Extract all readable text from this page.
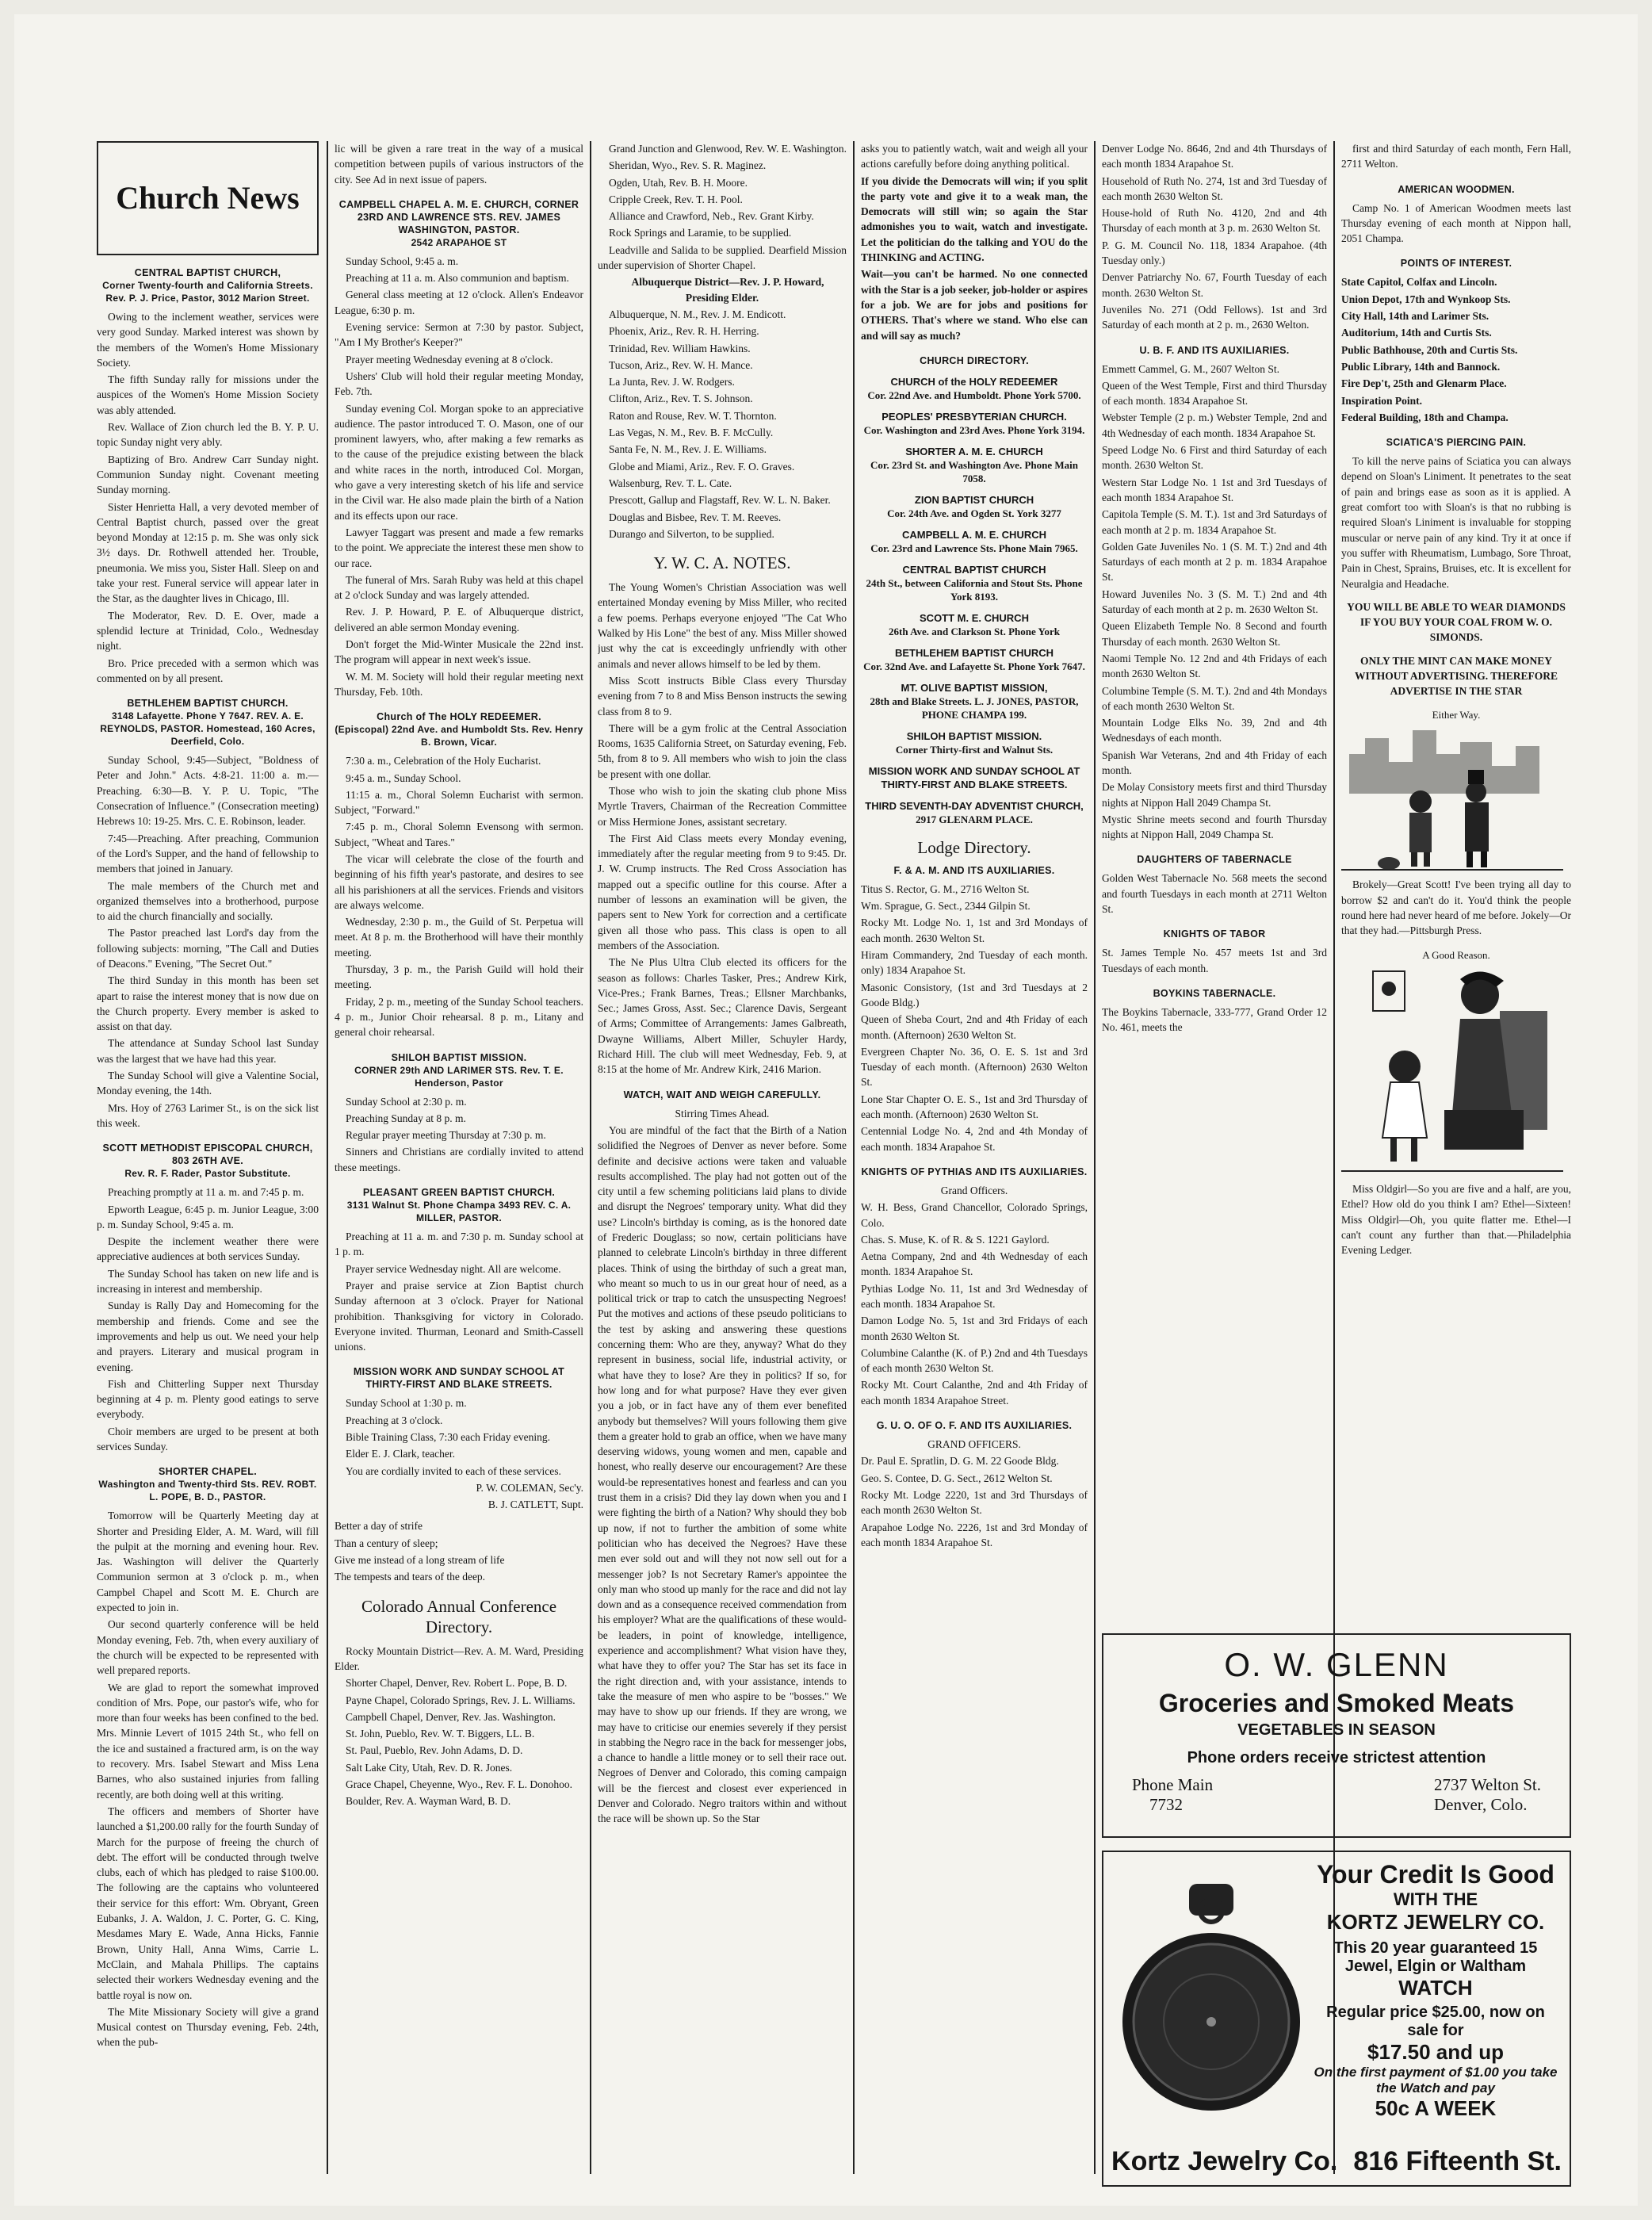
Church News
CENTRAL BAPTIST CHURCH,
Corner Twenty-fourth and California Streets. Rev. P. J. Price, Pastor, 3012 Marion Street.

Owing to the inclement weather, services were very good Sunday. Marked interest was shown by the members of the Women's Home Missionary Society.

The fifth Sunday rally for missions under the auspices of the Women's Home Mission Society was ably attended.

Rev. Wallace of Zion church led the B. Y. P. U. topic Sunday night very ably.

Baptizing of Bro. Andrew Carr Sunday night. Communion Sunday night. Covenant meeting Sunday morning.

Sister Henrietta Hall, a very devoted member of Central Baptist church, passed over the great beyond Monday at 12:15 p. m. She was only sick 3½ days. Dr. Rothwell attended her. Trouble, pneumonia. We miss you, Sister Hall. Sleep on and take your rest. Funeral service will appear later in the Star, as the daughter lives in Chicago, Ill.

The Moderator, Rev. D. E. Over, made a splendid lecture at Trinidad, Colo., Wednesday night.

Bro. Price preceded with a sermon which was commented on by all present.

BETHLEHEM BAPTIST CHURCH.
3148 Lafayette. Phone Y 7647. REV. A. E. REYNOLDS, PASTOR. Homestead, 160 Acres, Deerfield, Colo.

Sunday School, 9:45—Subject, "Boldness of Peter and John." Acts. 4:8-21. 11:00 a. m.—Preaching. 6:30—B. Y. P. U. Topic, "The Consecration of Influence." (Consecration meeting) Hebrews 10: 19-25. Mrs. C. E. Robinson, leader.

7:45—Preaching. After preaching, Communion of the Lord's Supper, and the hand of fellowship to members that joined in January.

The male members of the Church met and organized themselves into a brotherhood, purpose to aid the church financially and socially.

The Pastor preached last Lord's day from the following subjects: morning, "The Call and Duties of Deacons." Evening, "The Secret Out."

The third Sunday in this month has been set apart to raise the interest money that is now due on the Church property. Every member is asked to assist on that day.

The attendance at Sunday School last Sunday was the largest that we have had this year.

The Sunday School will give a Valentine Social, Monday evening, the 14th.

Mrs. Hoy of 2763 Larimer St., is on the sick list this week.

SCOTT METHODIST EPISCOPAL CHURCH, 803 26TH AVE.
Rev. R. F. Rader, Pastor Substitute.

Preaching promptly at 11 a. m. and 7:45 p. m.

Epworth League, 6:45 p. m. Junior League, 3:00 p. m. Sunday School, 9:45 a. m.

Despite the inclement weather there were appreciative audiences at both services Sunday.

The Sunday School has taken on new life and is increasing in interest and membership.

Sunday is Rally Day and Homecoming for the membership and friends. Come and see the improvements and help us out. We need your help and prayers. Literary and musical program in evening.

Fish and Chitterling Supper next Thursday beginning at 4 p. m. Plenty good eatings to serve everybody.

Choir members are urged to be present at both services Sunday.

SHORTER CHAPEL.
Washington and Twenty-third Sts. REV. ROBT. L. POPE, B. D., PASTOR.

Tomorrow will be Quarterly Meeting day at Shorter and Presiding Elder, A. M. Ward, will fill the pulpit at the morning and evening hour. Rev. Jas. Washington will deliver the Quarterly Communion sermon at 3 o'clock p. m., when Campbel Chapel and Scott M. E. Church are expected to join in.

Our second quarterly conference will be held Monday evening, Feb. 7th, when every auxiliary of the church will be expected to be represented with well prepared reports.

We are glad to report the somewhat improved condition of Mrs. Pope, our pastor's wife, who for more than four weeks has been confined to the bed. Mrs. Minnie Levert of 1015 24th St., who fell on the ice and sustained a fractured arm, is on the way to recovery. Mrs. Isabel Stewart and Miss Lena Barnes, who also sustained injuries from falling recently, are both doing well at this writing.

The officers and members of Shorter have launched a $1,200.00 rally for the fourth Sunday of March for the purpose of freeing the church of debt. The effort will be conducted through twelve clubs, each of which has pledged to raise $100.00. The following are the captains who volunteered their service for this effort: Wm. Obryant, Green Eubanks, J. A. Waldon, J. C. Porter, G. C. King, Mesdames Mary E. Wade, Anna Hicks, Fannie Brown, Unity Hall, Anna Wims, Carrie L. McClain, and Mahala Phillips. The captains selected their workers Wednesday evening and the battle royal is now on.

The Mite Missionary Society will give a grand Musical contest on Thursday evening, Feb. 24th, when the pub-

lic will be given a rare treat in the way of a musical competition between pupils of various instructors of the city. See Ad in next issue of papers.

CAMPBELL CHAPEL A. M. E. CHURCH, CORNER 23RD AND LAWRENCE STS. REV. JAMES WASHINGTON, PASTOR.
2542 ARAPAHOE ST

Sunday School, 9:45 a. m.

Preaching at 11 a. m. Also communion and baptism.

General class meeting at 12 o'clock. Allen's Endeavor League, 6:30 p. m.

Evening service: Sermon at 7:30 by pastor. Subject, "Am I My Brother's Keeper?"

Prayer meeting Wednesday evening at 8 o'clock.

Ushers' Club will hold their regular meeting Monday, Feb. 7th.

Sunday evening Col. Morgan spoke to an appreciative audience. The pastor introduced T. O. Mason, one of our prominent lawyers, who, after making a few remarks as to the cause of the prejudice existing between the black and white races in the north, introduced Col. Morgan, who gave a very interesting sketch of his life and service in the Civil war. He also made plain the birth of a Nation and its effects upon our race.

Lawyer Taggart was present and made a few remarks to the point. We appreciate the interest these men show to our race.

The funeral of Mrs. Sarah Ruby was held at this chapel at 2 o'clock Sunday and was largely attended.

Rev. J. P. Howard, P. E. of Albuquerque district, delivered an able sermon Monday evening.

Don't forget the Mid-Winter Musicale the 22nd inst. The program will appear in next week's issue.

W. M. M. Society will hold their regular meeting next Thursday, Feb. 10th.

Church of The HOLY REDEEMER.
(Episcopal) 22nd Ave. and Humboldt Sts. Rev. Henry B. Brown, Vicar.

7:30 a. m., Celebration of the Holy Eucharist.

9:45 a. m., Sunday School.

11:15 a. m., Choral Solemn Eucharist with sermon. Subject, "Forward."

7:45 p. m., Choral Solemn Evensong with sermon. Subject, "Wheat and Tares."

The vicar will celebrate the close of the fourth and beginning of his fifth year's pastorate, and desires to see all his parishioners at all the services. Friends and visitors are always welcome.

Wednesday, 2:30 p. m., the Guild of St. Perpetua will meet. At 8 p. m. the Brotherhood will have their monthly meeting.

Thursday, 3 p. m., the Parish Guild will hold their meeting.

Friday, 2 p. m., meeting of the Sunday School teachers. 4 p. m., Junior Choir rehearsal. 8 p. m., Litany and general choir rehearsal.

SHILOH BAPTIST MISSION.
CORNER 29th AND LARIMER STS. Rev. T. E. Henderson, Pastor

Sunday School at 2:30 p. m.

Preaching Sunday at 8 p. m.

Regular prayer meeting Thursday at 7:30 p. m.

Sinners and Christians are cordially invited to attend these meetings.

PLEASANT GREEN BAPTIST CHURCH.
3131 Walnut St. Phone Champa 3493 REV. C. A. MILLER, PASTOR.

Preaching at 11 a. m. and 7:30 p. m. Sunday school at 1 p. m.

Prayer service Wednesday night. All are welcome.

Prayer and praise service at Zion Baptist church Sunday afternoon at 3 o'clock. Prayer for National prohibition. Thanksgiving for victory in Colorado. Everyone invited. Thurman, Leonard and Smith-Cassell unions.

MISSION WORK AND SUNDAY SCHOOL AT THIRTY-FIRST AND BLAKE STREETS.

Sunday School at 1:30 p. m.

Preaching at 3 o'clock.

Bible Training Class, 7:30 each Friday evening.

Elder E. J. Clark, teacher.

You are cordially invited to each of these services.

P. W. COLEMAN, Sec'y.

B. J. CATLETT, Supt.

Better a day of strife

Than a century of sleep;

Give me instead of a long stream of life

The tempests and tears of the deep.

Colorado Annual Conference Directory.

Rocky Mountain District—Rev. A. M. Ward, Presiding Elder.

Shorter Chapel, Denver, Rev. Robert L. Pope, B. D.

Payne Chapel, Colorado Springs, Rev. J. L. Williams.

Campbell Chapel, Denver, Rev. Jas. Washington.

St. John, Pueblo, Rev. W. T. Biggers, LL. B.

St. Paul, Pueblo, Rev. John Adams, D. D.

Salt Lake City, Utah, Rev. D. R. Jones.

Grace Chapel, Cheyenne, Wyo., Rev. F. L. Donohoo.

Boulder, Rev. A. Wayman Ward, B. D.

Grand Junction and Glenwood, Rev. W. E. Washington.

Sheridan, Wyo., Rev. S. R. Maginez.

Ogden, Utah, Rev. B. H. Moore.

Cripple Creek, Rev. T. H. Pool.

Alliance and Crawford, Neb., Rev. Grant Kirby.

Rock Springs and Laramie, to be supplied.

Leadville and Salida to be supplied. Dearfield Mission under supervision of Shorter Chapel.

Albuquerque District—Rev. J. P. Howard, Presiding Elder.

Albuquerque, N. M., Rev. J. M. Endicott.

Phoenix, Ariz., Rev. R. H. Herring.

Trinidad, Rev. William Hawkins.

Tucson, Ariz., Rev. W. H. Mance.

La Junta, Rev. J. W. Rodgers.

Clifton, Ariz., Rev. T. S. Johnson.

Raton and Rouse, Rev. W. T. Thornton.

Las Vegas, N. M., Rev. B. F. McCully.

Santa Fe, N. M., Rev. J. E. Williams.

Globe and Miami, Ariz., Rev. F. O. Graves.

Walsenburg, Rev. T. L. Cate.

Prescott, Gallup and Flagstaff, Rev. W. L. N. Baker.

Douglas and Bisbee, Rev. T. M. Reeves.

Durango and Silverton, to be supplied.

Y. W. C. A. NOTES.

The Young Women's Christian Association was well entertained Monday evening by Miss Miller, who recited a few poems. Perhaps everyone enjoyed "The Cat Who Walked by His Lone" the best of any. Miss Miller showed just why the cat is exceedingly unfriendly with other animals and never allows himself to be led by them.

Miss Scott instructs Bible Class every Thursday evening from 7 to 8 and Miss Benson instructs the sewing class from 8 to 9.

There will be a gym frolic at the Central Association Rooms, 1635 California Street, on Saturday evening, Feb. 5th, from 8 to 9. All members who wish to join the class be present with one dollar.

Those who wish to join the skating club phone Miss Myrtle Travers, Chairman of the Recreation Committee or Miss Hermione Jones, assistant secretary.

The First Aid Class meets every Monday evening, immediately after the regular meeting from 9 to 9:45. Dr. J. W. Crump instructs. The Red Cross Association has mapped out a specific outline for this course. After a number of lessons an examination will be given, the papers sent to New York for correction and a certificate given all those who pass. This class is open to all members of the Association.

The Ne Plus Ultra Club elected its officers for the season as follows: Charles Tasker, Pres.; Andrew Kirk, Vice-Pres.; Frank Barnes, Treas.; Ellsner Marchbanks, Sec.; James Gross, Asst. Sec.; Clarence Davis, Sergeant of Arms; Committee of Arrangements: James Galbreath, Dwayne Williams, Albert Miller, Schuyler Hardy, Richard Hill. The club will meet Wednesday, Feb. 9, at 8:15 at the home of Mr. Andrew Kirk, 2416 Marion.

WATCH, WAIT AND WEIGH CAREFULLY.

Stirring Times Ahead.

You are mindful of the fact that the Birth of a Nation solidified the Negroes of Denver as never before. Some definite and decisive actions were taken and valuable results accomplished. The play had not gotten out of the city until a few scheming politicians laid plans to divide and disrupt the Negroes' temporary unity. What did they use? Lincoln's birthday is coming, as is the honored date of Frederic Douglass; so now, certain politicians have planned to celebrate Lincoln's birthday in three different places. Think of using the birthday of such a great man, who meant so much to us in our great hour of need, as a political trick or trap to catch the unsuspecting Negroes! Put the motives and actions of these pseudo politicians to the test by asking and answering these questions concerning them: Who are they, anyway? What do they represent in business, social life, industrial activity, or what have they to lose? Are they in politics? If so, for how long and for what purpose? Have they ever given you a job, or in fact have any of them ever benefited anybody but themselves? Will yours following them give them a greater hold to grab an office, when we have many deserving widows, young women and men, capable and honest, who really deserve our encouragement? Are these would-be representatives honest and fearless and can you trust them in a crisis? Did they lay down when you and I were fighting the birth of a Nation? Why should they bob up now, if not to further the ambition of some white politician who has deceived the Negroes? Have these men ever sold out and will they not now sell out for a messenger job? Is not Secretary Ramer's appointee the only man who stood up manly for the race and did not lay down and as a consequence received commendation from his employer? What are the qualifications of these would-be leaders, in point of knowledge, intelligence, experience and accomplishment? What vision have they, what have they to offer you? The Star has set its face in the right direction and, with your assistance, intends to take the measure of men who aspire to be "bosses." We may have to show up our friends. If they are wrong, we may have to criticise our enemies severely if they persist in stabbing the Negro race in the back for messenger jobs, a chance to handle a little money or to sell their race out. Negroes of Denver and Colorado, this coming campaign will be the fiercest and closest ever experienced in Denver and Colorado. Negro traitors within and without the race will be shown up. So the Star

asks you to patiently watch, wait and weigh all your actions carefully before doing anything political.

If you divide the Democrats will win; if you split the party vote and give it to a weak man, the Democrats will still win; so again the Star admonishes you to wait, watch and investigate. Let the politician do the talking and YOU do the THINKING and ACTING.

Wait—you can't be harmed. No one connected with the Star is a job seeker, job-holder or aspires for a job. We are for jobs and positions for OTHERS. That's where we stand. Who else can and will say as much?

CHURCH DIRECTORY.
CHURCH of the HOLY REDEEMER
Cor. 22nd Ave. and Humboldt. Phone York 5700.
PEOPLES' PRESBYTERIAN CHURCH.
Cor. Washington and 23rd Aves. Phone York 3194.
SHORTER A. M. E. CHURCH
Cor. 23rd St. and Washington Ave. Phone Main 7058.
ZION BAPTIST CHURCH
Cor. 24th Ave. and Ogden St. York 3277
CAMPBELL A. M. E. CHURCH
Cor. 23rd and Lawrence Sts. Phone Main 7965.
CENTRAL BAPTIST CHURCH
24th St., between California and Stout Sts. Phone York 8193.
SCOTT M. E. CHURCH
26th Ave. and Clarkson St. Phone York
BETHLEHEM BAPTIST CHURCH
Cor. 32nd Ave. and Lafayette St. Phone York 7647.
MT. OLIVE BAPTIST MISSION,
28th and Blake Streets. L. J. JONES, PASTOR, PHONE CHAMPA 199.
SHILOH BAPTIST MISSION.
Corner Thirty-first and Walnut Sts.
MISSION WORK AND SUNDAY SCHOOL AT THIRTY-FIRST AND BLAKE STREETS.
THIRD SEVENTH-DAY ADVENTIST CHURCH,
2917 GLENARM PLACE.
Lodge Directory.
F. & A. M. AND ITS AUXILIARIES.

Titus S. Rector, G. M., 2716 Welton St.

Wm. Sprague, G. Sect., 2344 Gilpin St.

Rocky Mt. Lodge No. 1, 1st and 3rd Mondays of each month. 2630 Welton St.

Hiram Commandery, 2nd Tuesday of each month. only) 1834 Arapahoe St.

Masonic Consistory, (1st and 3rd Tuesdays at 2 Goode Bldg.)

Queen of Sheba Court, 2nd and 4th Friday of each month. (Afternoon) 2630 Welton St.

Evergreen Chapter No. 36, O. E. S. 1st and 3rd Tuesday of each month. (Afternoon) 2630 Welton St.

Lone Star Chapter O. E. S., 1st and 3rd Thursday of each month. (Afternoon) 2630 Welton St.

Centennial Lodge No. 4, 2nd and 4th Monday of each month. 1834 Arapahoe St.

KNIGHTS OF PYTHIAS AND ITS AUXILIARIES.

Grand Officers.

W. H. Bess, Grand Chancellor, Colorado Springs, Colo.

Chas. S. Muse, K. of R. & S. 1221 Gaylord.

Aetna Company, 2nd and 4th Wednesday of each month. 1834 Arapahoe St.

Pythias Lodge No. 11, 1st and 3rd Wednesday of each month. 1834 Arapahoe St.

Damon Lodge No. 5, 1st and 3rd Fridays of each month 2630 Welton St.

Columbine Calanthe (K. of P.) 2nd and 4th Tuesdays of each month 2630 Welton St.

Rocky Mt. Court Calanthe, 2nd and 4th Friday of each month 1834 Arapahoe Street.

G. U. O. OF O. F. AND ITS AUXILIARIES.

GRAND OFFICERS.

Dr. Paul E. Spratlin, D. G. M. 22 Goode Bldg.

Geo. S. Contee, D. G. Sect., 2612 Welton St.

Rocky Mt. Lodge 2220, 1st and 3rd Thursdays of each month 2630 Welton St.

Arapahoe Lodge No. 2226, 1st and 3rd Monday of each month 1834 Arapahoe St.

Denver Lodge No. 8646, 2nd and 4th Thursdays of each month 1834 Arapahoe St.

Household of Ruth No. 274, 1st and 3rd Tuesday of each month 2630 Welton St.

House-hold of Ruth No. 4120, 2nd and 4th Thursday of each month at 3 p. m. 2630 Welton St.

P. G. M. Council No. 118, 1834 Arapahoe. (4th Tuesday only.)

Denver Patriarchy No. 67, Fourth Tuesday of each month. 2630 Welton St.

Juveniles No. 271 (Odd Fellows). 1st and 3rd Saturday of each month at 2 p. m., 2630 Welton.

U. B. F. AND ITS AUXILIARIES.

Emmett Cammel, G. M., 2607 Welton St.

Queen of the West Temple, First and third Thursday of each month. 1834 Arapahoe St.

Webster Temple (2 p. m.) Webster Temple, 2nd and 4th Wednesday of each month. 1834 Arapahoe St.

Speed Lodge No. 6 First and third Saturday of each month. 2630 Welton St.

Western Star Lodge No. 1 1st and 3rd Tuesdays of each month 1834 Arapahoe St.

Capitola Temple (S. M. T.). 1st and 3rd Saturdays of each month at 2 p. m. 1834 Arapahoe St.

Golden Gate Juveniles No. 1 (S. M. T.) 2nd and 4th Saturdays of each month at 2 p. m. 1834 Arapahoe St.

Howard Juveniles No. 3 (S. M. T.) 2nd and 4th Saturday of each month at 2 p. m. 2630 Welton St.

Queen Elizabeth Temple No. 8 Second and fourth Thursday of each month. 2630 Welton St.

Naomi Temple No. 12 2nd and 4th Fridays of each month 2630 Welton St.

Columbine Temple (S. M. T.). 2nd and 4th Mondays of each month 2630 Welton St.

Mountain Lodge Elks No. 39, 2nd and 4th Wednesdays of each month.

Spanish War Veterans, 2nd and 4th Friday of each month.

De Molay Consistory meets first and third Thursday nights at Nippon Hall 2049 Champa St.

Mystic Shrine meets second and fourth Thursday nights at Nippon Hall, 2049 Champa St.

DAUGHTERS OF TABERNACLE

Golden West Tabernacle No. 568 meets the second and fourth Tuesdays in each month at 2711 Welton St.

KNIGHTS OF TABOR

St. James Temple No. 457 meets 1st and 3rd Tuesdays of each month.

BOYKINS TABERNACLE.

The Boykins Tabernacle, 333-777, Grand Order 12 No. 461, meets the

first and third Saturday of each month, Fern Hall, 2711 Welton.

AMERICAN WOODMEN.

Camp No. 1 of American Woodmen meets last Thursday evening of each month at Nippon hall, 2051 Champa.

POINTS OF INTEREST.

State Capitol, Colfax and Lincoln.

Union Depot, 17th and Wynkoop Sts.

City Hall, 14th and Larimer Sts.

Auditorium, 14th and Curtis Sts.

Public Bathhouse, 20th and Curtis Sts.

Public Library, 14th and Bannock.

Fire Dep't, 25th and Glenarm Place.

Inspiration Point.

Federal Building, 18th and Champa.

SCIATICA'S PIERCING PAIN.

To kill the nerve pains of Sciatica you can always depend on Sloan's Liniment. It penetrates to the seat of pain and brings ease as soon as it is applied. A great comfort too with Sloan's is that no rubbing is required Sloan's Liniment is invaluable for stopping muscular or nerve pain of any kind. Try it at once if you suffer with Rheumatism, Lumbago, Sore Throat, Pain in Chest, Sprains, Bruises, etc. It is excellent for Neuralgia and Headache.

YOU WILL BE ABLE TO WEAR DIAMONDS IF YOU BUY YOUR COAL FROM W. O. SIMONDS.

ONLY THE MINT CAN MAKE MONEY WITHOUT ADVERTISING. THEREFORE ADVERTISE IN THE STAR

Either Way.

Brokely—Great Scott! I've been trying all day to borrow $2 and can't do it. You'd think the people round here had never heard of me before. Jokely—Or that they had.—Pittsburgh Press.

A Good Reason.

Miss Oldgirl—So you are five and a half, are you, Ethel? How old do you think I am? Ethel—Sixteen! Miss Oldgirl—Oh, you quite flatter me. Ethel—I can't count any further than that.—Philadelphia Evening Ledger.

O. W. GLENN
Groceries and Smoked Meats
VEGETABLES IN SEASON
Phone orders receive strictest attention
Phone Main
7732
2737 Welton St.
Denver, Colo.
Your Credit Is Good
WITH THE
KORTZ JEWELRY CO.
This 20 year guaranteed 15 Jewel, Elgin or Waltham
WATCH
Regular price $25.00, now on sale for
$17.50 and up
On the first payment of $1.00 you take the Watch and pay
50c A WEEK
Kortz Jewelry Co. 816 Fifteenth St.
